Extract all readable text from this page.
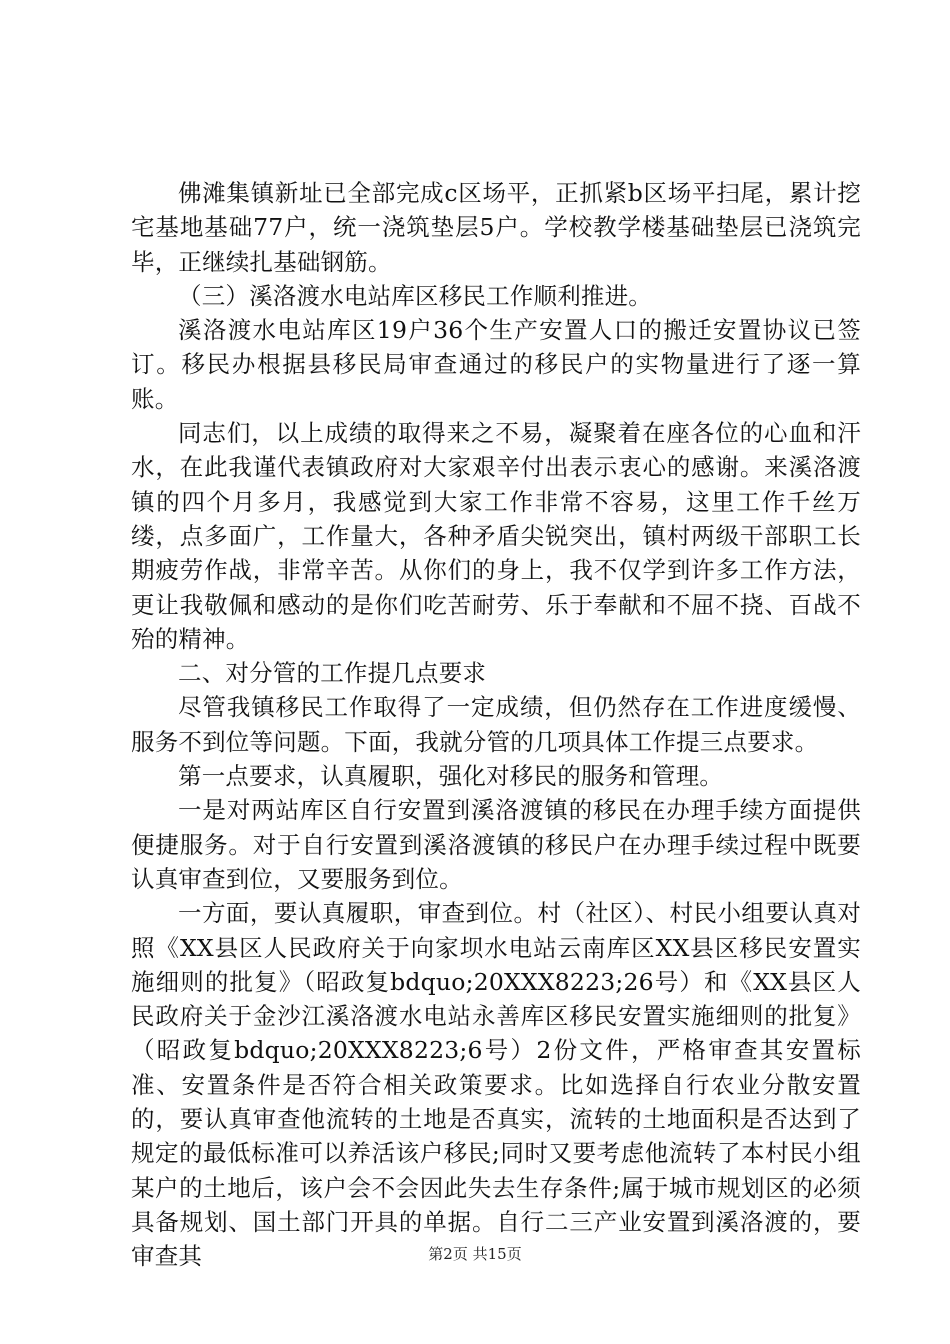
佛滩集镇新址已全部完成c区场平，正抓紧b区场平扫尾，累计挖宅基地基础77户，统一浇筑垫层5户。学校教学楼基础垫层已浇筑完毕，正继续扎基础钢筋。

（三）溪洛渡水电站库区移民工作顺利推进。

溪洛渡水电站库区19户36个生产安置人口的搬迁安置协议已签订。移民办根据县移民局审查通过的移民户的实物量进行了逐一算账。

同志们，以上成绩的取得来之不易，凝聚着在座各位的心血和汗水，在此我谨代表镇政府对大家艰辛付出表示衷心的感谢。来溪洛渡镇的四个月多月，我感觉到大家工作非常不容易，这里工作千丝万缕，点多面广，工作量大，各种矛盾尖锐突出，镇村两级干部职工长期疲劳作战，非常辛苦。从你们的身上，我不仅学到许多工作方法，更让我敬佩和感动的是你们吃苦耐劳、乐于奉献和不屈不挠、百战不殆的精神。

二、对分管的工作提几点要求

尽管我镇移民工作取得了一定成绩，但仍然存在工作进度缓慢、服务不到位等问题。下面，我就分管的几项具体工作提三点要求。

第一点要求，认真履职，强化对移民的服务和管理。

一是对两站库区自行安置到溪洛渡镇的移民在办理手续方面提供便捷服务。对于自行安置到溪洛渡镇的移民户在办理手续过程中既要认真审查到位，又要服务到位。

一方面，要认真履职，审查到位。村（社区）、村民小组要认真对照《XX县区人民政府关于向家坝水电站云南库区XX县区移民安置实施细则的批复》（昭政复bdquo;20XXX8223;26号）和《XX县区人民政府关于金沙江溪洛渡水电站永善库区移民安置实施细则的批复》（昭政复bdquo;20XXX8223;6号）2份文件，严格审查其安置标准、安置条件是否符合相关政策要求。比如选择自行农业分散安置的，要认真审查他流转的土地是否真实，流转的土地面积是否达到了规定的最低标准可以养活该户移民;同时又要考虑他流转了本村民小组某户的土地后，该户会不会因此失去生存条件;属于城市规划区的必须具备规划、国土部门开具的单据。自行二三产业安置到溪洛渡的，要审查其	第2页 共15页
